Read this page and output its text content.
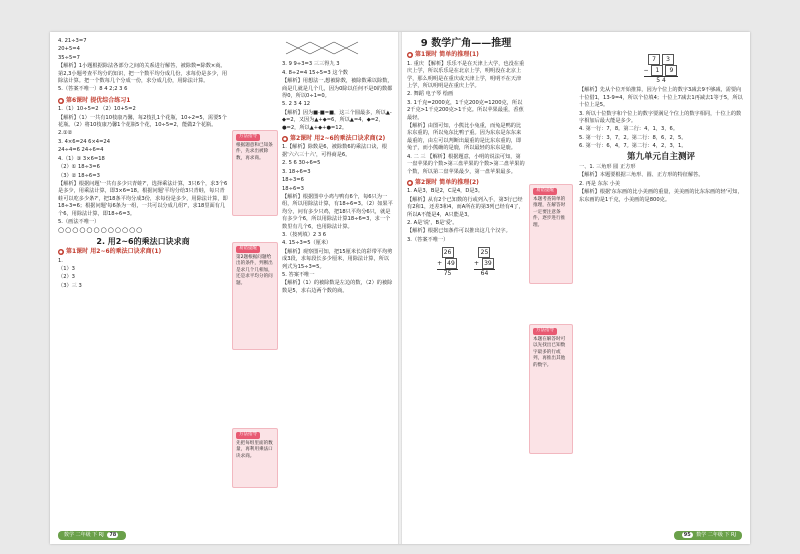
4. 21÷3=7

20+5=4

35÷5=7

【解析】1小题根据除法各部分之间的关系进行解答，被除数=除数×商。第2,3小题考查平均分的知识，把一个数平均分成几份，求每份是多少，用除法计算。把一个数每几个分成一份，求分成几份，用除法计算。

5.（答案不唯一）8 4 2;2 3 6

● 第6课时 提优综合练习1

1.（1）10÷5=2 （2）10+5=2

【解析】（1）一共有10枝康乃馨，每2枝扎1个花瓶，10÷2=5，需要5个花瓶。（2）将10枝康乃馨1个花瓶5个花，10÷5=2，能做2个花瓶。

2.①②

3. 4×6=24 6×4=24

24÷4=6 24÷6=4

4.（1）③ 3×6=18

（2）① 18÷3=6

（3）② 18÷6=3

【解析】根据问题'一共有多少只青蛙?'，选择乘法计算，3只6个，求3个6是多少，用乘法计算，即3×6=18。根据问题'平均分给3只青蛙，每只青蛙可以吃多少条?'，把18条平均分成3份，求每份是多少，用除法计算，即18÷3=6；根据问题'每6条为一组，一共可以分成几组?'，求18里面有几个6，用除法计算，即18÷6=3。

5.（画法不唯一）

○○○○○○○○○○○○

2. 用2~6的乘法口诀求商
● 第1课时 用2~6的乘法口诀求商(1)

1.

（1）3

（2）3

（3）三 3

易错提醒
第2题根据问题给出的条件，判断出是求几个几相加，还是求平均分的问题。
方法指导
先把每组里面的数量，再利用乘法口诀求商。

3. 9 9÷3=3 三三得九 3

4. 8÷2=4 15÷5=3 这个数

【解析】用想法一,想被除数，被除数乘以除数，商是几就是几个几，因为0除以任何不是0的数都得0，所以0÷1=0。

5. 2 3 4 12

【解析】因为■-■=■，这三个圆最多，所以▲-◆=2，又因为▲+◆=6，所以▲=4，◆=2，●=2，所以▲+◆+●=12。

● 第2课时 用2~6的乘法口诀求商(2)

1.【解析】除数是6，被除数6的乘法口诀，根据'六六三十六'，可得商是6。

2. 5 6 30÷6=5

3. 18÷6=3

18÷3=6

18÷6=3

【解析】根据图中小鸡与鸭有6个，每6只为一组，所以用除法计算，有18÷6=3。（2）如果平均分，问有多少只鸡，把18只平均分6只，就是有多少个6，所以用除法计算18÷6=3，求一个数里有几个6，也用除法计算。

3.（按列填）2 3 6

4. 15÷3=5（厘米）

【解析】观察图可知，把15厘米长的彩带平均剪成3段，求每段长多少厘米，用除法计算，所以列式为15÷3=5。

5. 答案不唯一

【解析】（1）的被除数是左边的数，（2）的被除数是5，求右边两个数的商。

方法指导
根据题意和已知条件，先求出被除数，再求商。
数学 二年级 下 RJ 78
9 数学广角——推理
● 第1课时 简单的推理(1)

1. 重庆 【解析】乐乐不是在天津上大学，也没在重庆上学，所以乐乐是在北京上学，明明没在北京上学，那么明明是在重庆或天津上学，明明不在天津上学，所以明明是在重庆上学。

2. 舞蹈 电子琴 绘画

3. 1千克=2000克，1千克200克=1200克，所以2千克>1千克200克>1千克。所以苹果最重，香蕉最轻。

【解析】由图可知，小熊比小兔重，而兔是鸭的比东东重的，所以兔东比鸭子重。因为东东是东东来最重的，由左可以判断出最重的是比东东重的，即兔子，而小熊确的是鹿，所以最轻的东东是鹿。

4. 二 三 【解析】根据题意，小明的说法可知，第一盘苹果的个数>第三盘苹果的个数>第二盘苹果的个数，所以第二盘苹果最少，第一盘苹果最多。

● 第2课时 简单的推理(2)

1. A是3，B是2，C是4，D是3。

【解析】从有2个已知数的行或列入手，第3行已经有2和1，还差3和4，而A所在的第3列已经有4了，所以A不能是4，A只能是3。

2. A是'说'，B是'爱'。

【解析】根据已知条件可以推出这几个汉字。

3.（答案不唯一）

26
+ 49
75
25
+ 39
64
易错提醒
本题考查简单的推理，在解答时一定要注意条件，逐步进行推理。
方法指导
本题在解答时可以先找出已知数字最多的行或列，再推出其他的数字。
7 3
− 1 9
5 4

【解析】先从个位开始推算，因为个位上的数字3减去9不够减，需要向十位借1，13-9=4，所以个位填4；十位上7减去1再减去1等于5，所以十位上是5。

3. 所以十位数字和个位上的数字要满足个位上的数字相同，十位上的数字相加后最大能是多少。

4. 第一行：7，8。第二行：4，1，3，6。

5. 第一行：3，7，2。第二行：8，6，2，5。

6. 第一行：6，4，7。第二行：4，2，3，1。

第九单元自主测评

一、1. 三角形 圆 正方形

【解析】本题要根据三角形、圆、正方形的特征解答。

2. 再是 东东 小美

【解析】根据'东东画的比小美画的重量，美美画的比东东画的轻'可知，东东画的是1千克，小美画的是800克。

95 数学 二年级 下 RJ
